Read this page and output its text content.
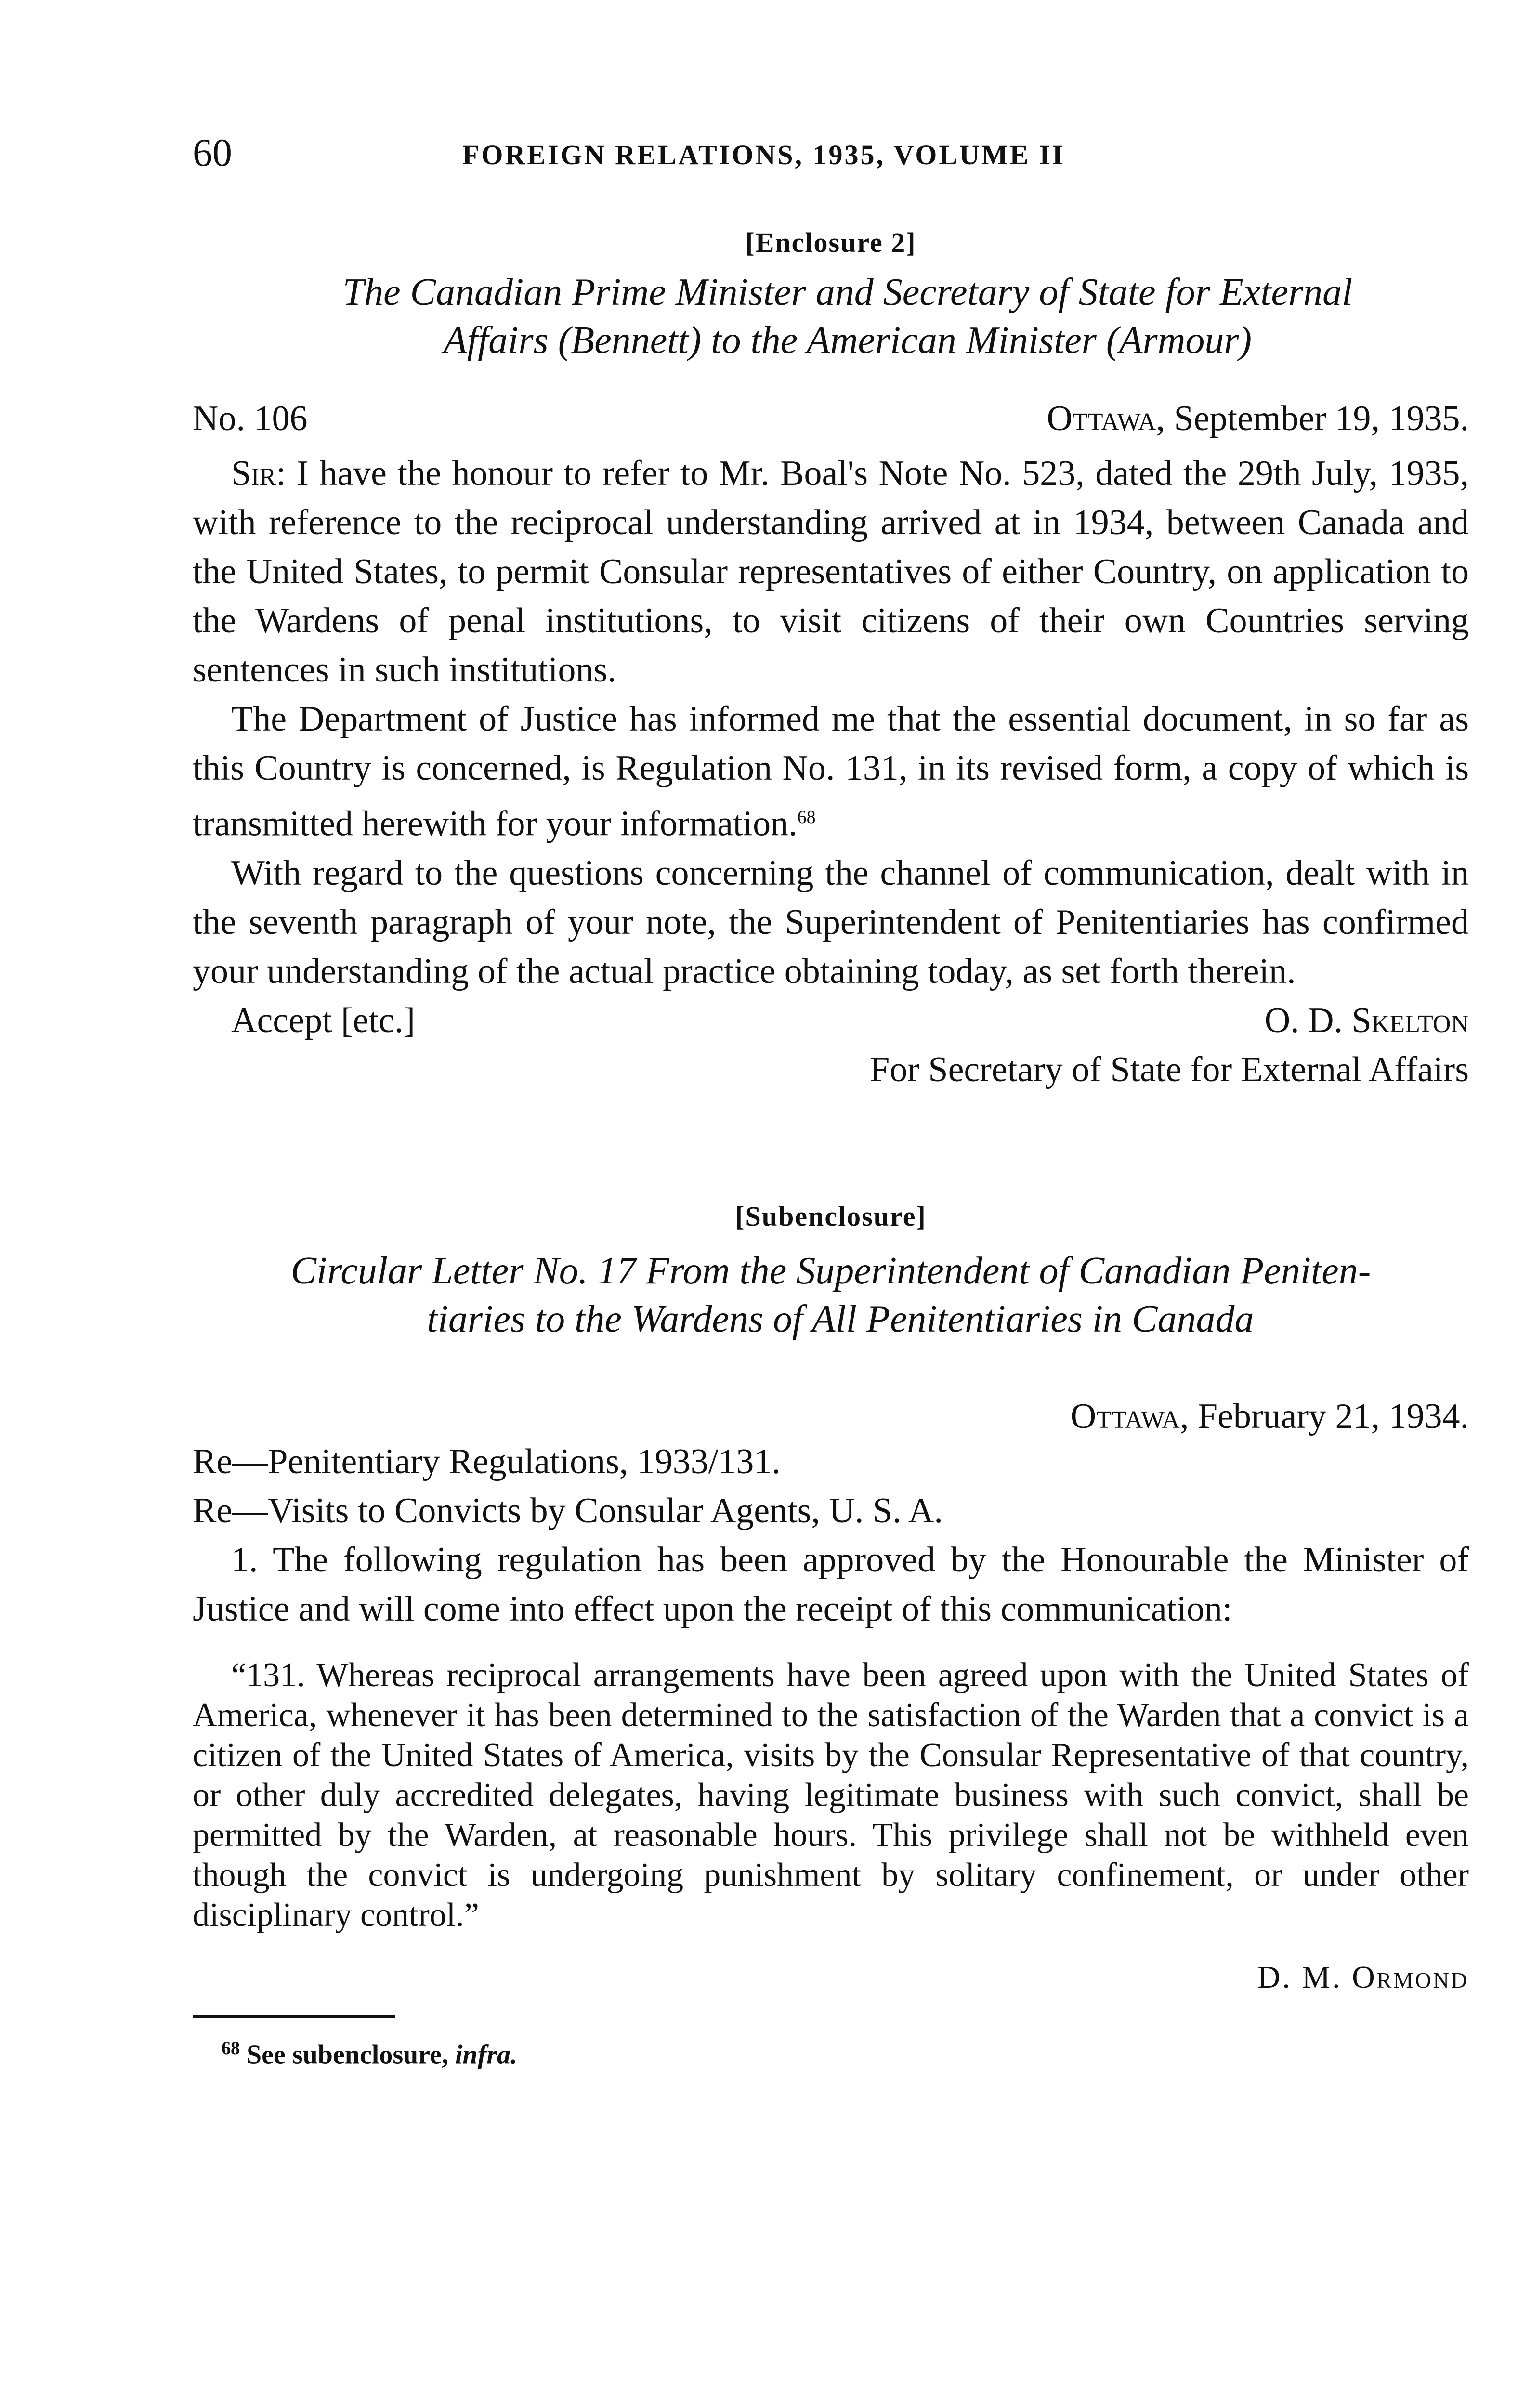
60	FOREIGN RELATIONS, 1935, VOLUME II
[Enclosure 2]
The Canadian Prime Minister and Secretary of State for External
Affairs (Bennett) to the American Minister (Armour)
No. 106	Ottawa, September 19, 1935.

Sir: I have the honour to refer to Mr. Boal's Note No. 523, dated the 29th July, 1935, with reference to the reciprocal understanding arrived at in 1934, between Canada and the United States, to permit Consular representatives of either Country, on application to the Wardens of penal institutions, to visit citizens of their own Countries serving sentences in such institutions.

The Department of Justice has informed me that the essential document, in so far as this Country is concerned, is Regulation No. 131, in its revised form, a copy of which is transmitted herewith for your information.$^{68}$

With regard to the questions concerning the channel of communication, dealt with in the seventh paragraph of your note, the Superintendent of Penitentiaries has confirmed your understanding of the actual practice obtaining today, as set forth therein.

Accept [etc.]	O. D. Skelton
For Secretary of State for External Affairs
[Subenclosure]
Circular Letter No. 17 From the Superintendent of Canadian Peniten-
tiaries to the Wardens of All Penitentiaries in Canada
Ottawa, February 21, 1934.

Re—Penitentiary Regulations, 1933/131.

Re—Visits to Convicts by Consular Agents, U. S. A.

1. The following regulation has been approved by the Honourable the Minister of Justice and will come into effect upon the receipt of this communication:

“131. Whereas reciprocal arrangements have been agreed upon with the United States of America, whenever it has been determined to the satisfaction of the Warden that a convict is a citizen of the United States of America, visits by the Consular Representative of that country, or other duly accredited delegates, having legitimate business with such convict, shall be permitted by the Warden, at reasonable hours. This privilege shall not be withheld even though the convict is undergoing punishment by solitary confinement, or under other disciplinary control.”

D. M. Ormond
$^{68}$ See subenclosure, infra.
